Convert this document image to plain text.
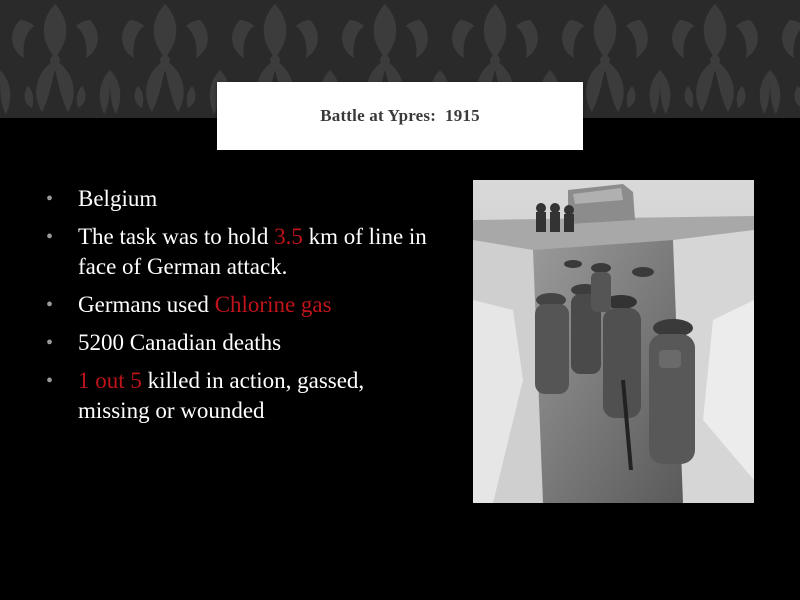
Battle at Ypres:  1915
• Belgium
• The task was to hold 3.5 km of line in face of German attack.
• Germans used Chlorine gas
• 5200 Canadian deaths
• 1 out 5 killed in action, gassed, missing or wounded
